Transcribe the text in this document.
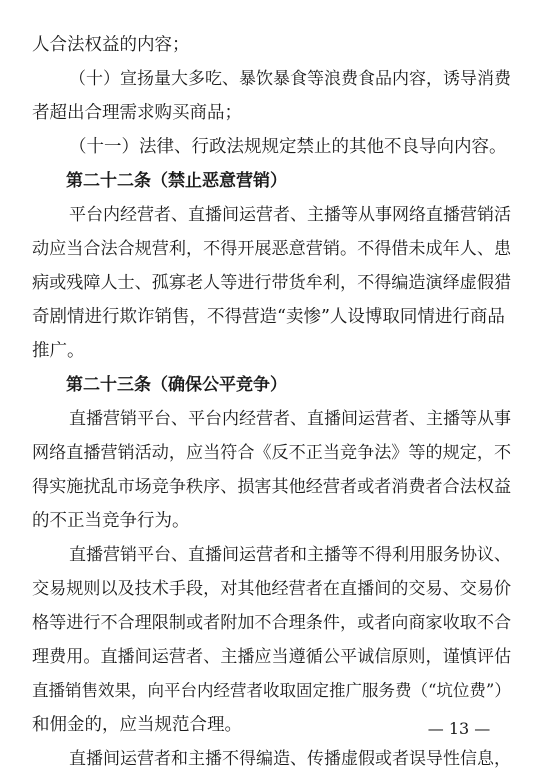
人合法权益的内容；
（十）宣扬量大多吃、暴饮暴食等浪费食品内容，诱导消费
者超出合理需求购买商品；
（十一）法律、行政法规规定禁止的其他不良导向内容。
第二十二条（禁止恶意营销）
平台内经营者、直播间运营者、主播等从事网络直播营销活
动应当合法合规营利，不得开展恶意营销。不得借未成年人、患
病或残障人士、孤寡老人等进行带货牟利，不得编造演绎虚假猎
奇剧情进行欺诈销售，不得营造“卖惨”人设博取同情进行商品
推广。
第二十三条（确保公平竞争）
直播营销平台、平台内经营者、直播间运营者、主播等从事
网络直播营销活动，应当符合《反不正当竞争法》等的规定，不
得实施扰乱市场竞争秩序、损害其他经营者或者消费者合法权益
的不正当竞争行为。
直播营销平台、直播间运营者和主播等不得利用服务协议、
交易规则以及技术手段，对其他经营者在直播间的交易、交易价
格等进行不合理限制或者附加不合理条件，或者向商家收取不合
理费用。直播间运营者、主播应当遵循公平诚信原则，谨慎评估
直播销售效果，向平台内经营者收取固定推广服务费（“坑位费”）
和佣金的，应当规范合理。
直播间运营者和主播不得编造、传播虚假或者误导性信息，
— 13 —
